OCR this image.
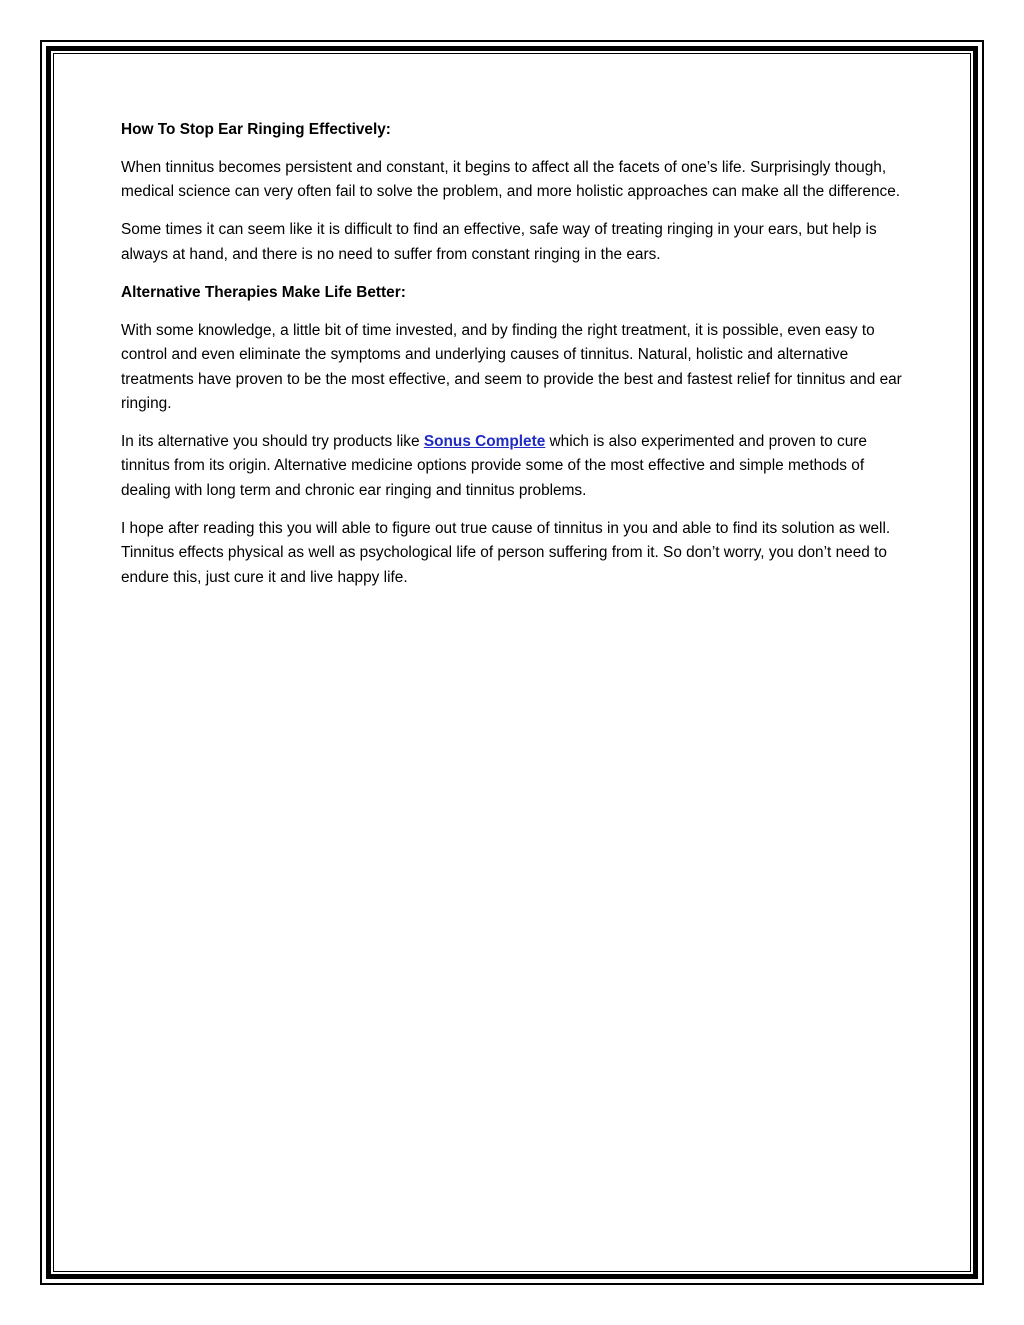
How To Stop Ear Ringing Effectively:

When tinnitus becomes persistent and constant, it begins to affect all the facets of one’s life. Surprisingly though, medical science can very often fail to solve the problem, and more holistic approaches can make all the difference.

Some times it can seem like it is difficult to find an effective, safe way of treating ringing in your ears, but help is always at hand, and there is no need to suffer from constant ringing in the ears.

Alternative Therapies Make Life Better:

With some knowledge, a little bit of time invested, and by finding the right treatment, it is possible, even easy to control and even eliminate the symptoms and underlying causes of tinnitus. Natural, holistic and alternative treatments have proven to be the most effective, and seem to provide the best and fastest relief for tinnitus and ear ringing.

In its alternative you should try products like Sonus Complete which is also experimented and proven to cure tinnitus from its origin. Alternative medicine options provide some of the most effective and simple methods of dealing with long term and chronic ear ringing and tinnitus problems.

I hope after reading this you will able to figure out true cause of tinnitus in you and able to find its solution as well. Tinnitus effects physical as well as psychological life of person suffering from it. So don’t worry, you don’t need to endure this, just cure it and live happy life.
